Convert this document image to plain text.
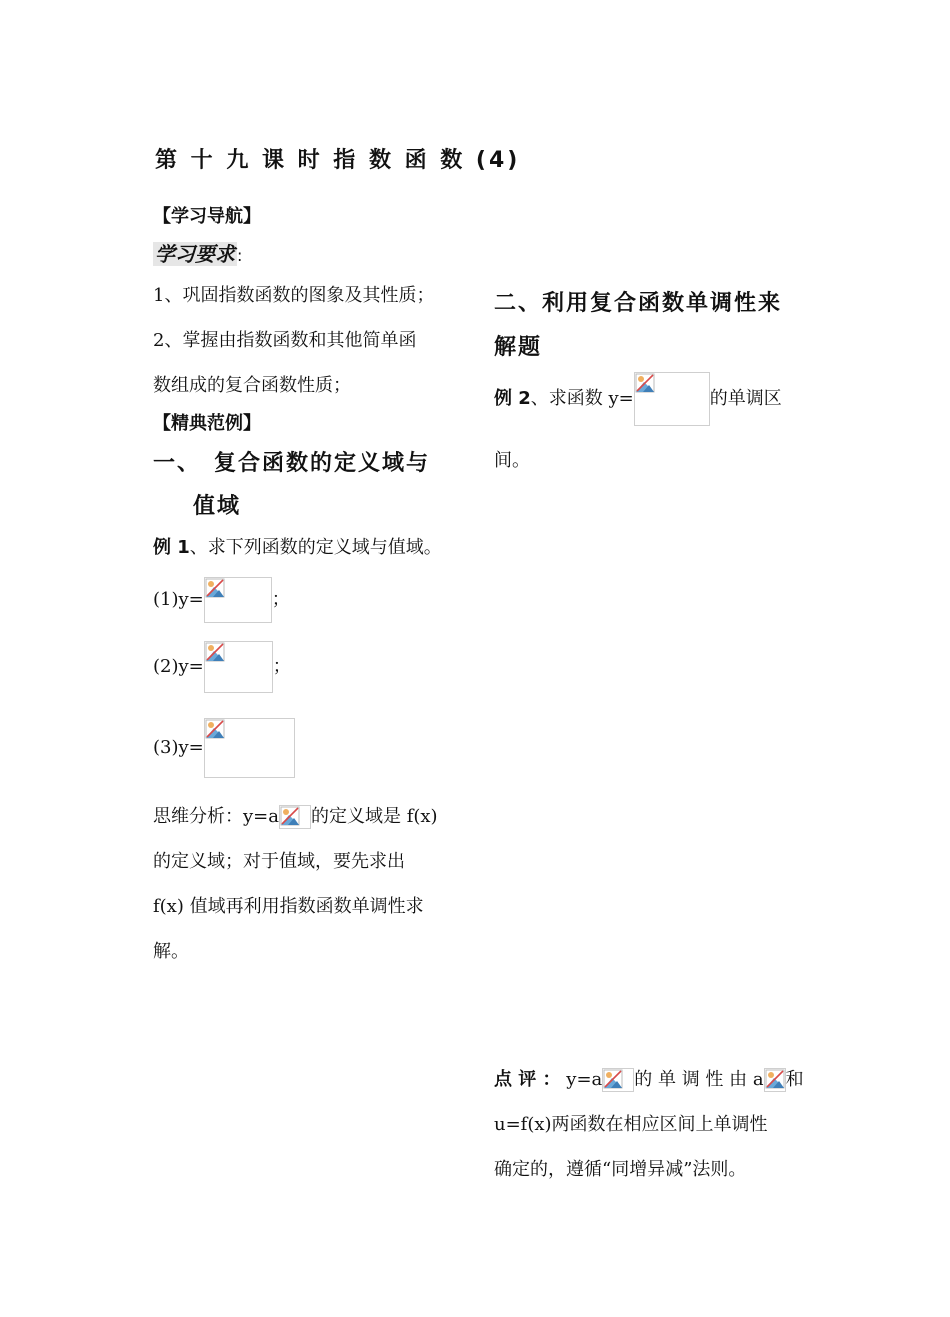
第 十 九 课 时 指 数 函 数 (4)
【学习导航】
学习要求 :
1、巩固指数函数的图象及其性质；
2、掌握由指数函数和其他简单函
数组成的复合函数性质；
【精典范例】
一、　复合函数的定义域与
值域
例 1、求下列函数的定义域与值域。
(1)y=	；
(2)y=	；
(3)y=
思维分析：y=a 的定义域是 f(x)
的定义域；对于值域，要先求出
f(x) 值域再利用指数函数单调性求
解。
二、利用复合函数单调性来
解题
例 2、求函数 y=	的单调区
间。
点 评 ： y=a 的 单 调 性 由 a 和
u=f(x)两函数在相应区间上单调性
确定的，遵循“同增异减”法则。
